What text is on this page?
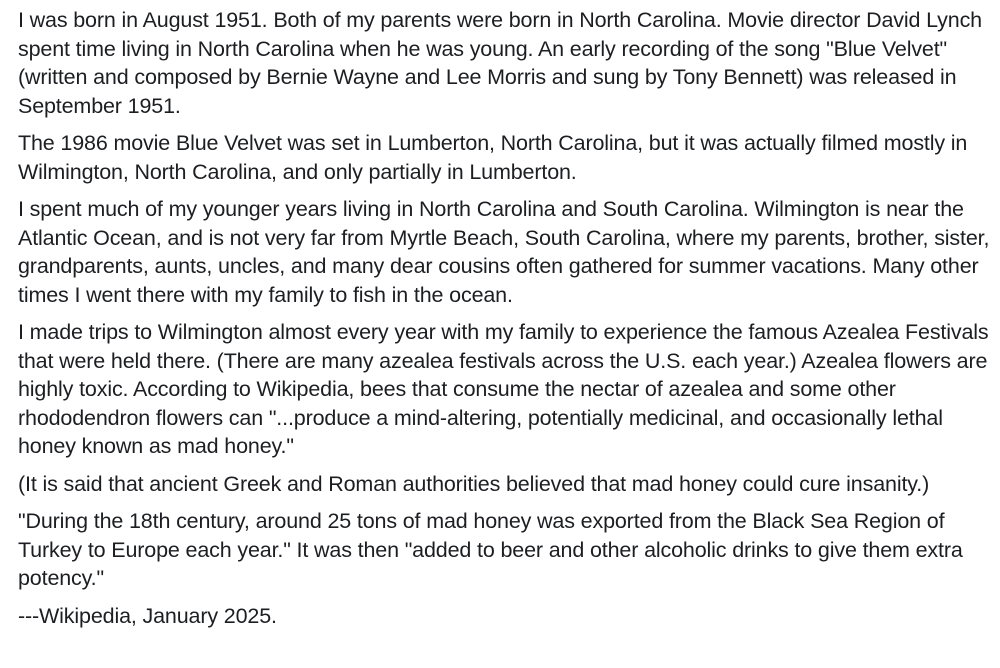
I was born in August 1951. Both of my parents were born in North Carolina. Movie director David Lynch spent time living in North Carolina when he was young. An early recording of the song "Blue Velvet" (written and composed by Bernie Wayne and Lee Morris and sung by Tony Bennett) was released in September 1951.

The 1986 movie Blue Velvet was set in Lumberton, North Carolina, but it was actually filmed mostly in Wilmington, North Carolina, and only partially in Lumberton.

I spent much of my younger years living in North Carolina and South Carolina. Wilmington is near the Atlantic Ocean, and is not very far from Myrtle Beach, South Carolina, where my parents, brother, sister, grandparents, aunts, uncles, and many dear cousins often gathered for summer vacations. Many other times I went there with my family to fish in the ocean.

I made trips to Wilmington almost every year with my family to experience the famous Azealea Festivals that were held there. (There are many azealea festivals across the U.S. each year.) Azealea flowers are highly toxic. According to Wikipedia, bees that consume the nectar of azealea and some other rhododendron flowers can "...produce a mind-altering, potentially medicinal, and occasionally lethal honey known as mad honey."

(It is said that ancient Greek and Roman authorities believed that mad honey could cure insanity.)

"During the 18th century, around 25 tons of mad honey was exported from the Black Sea Region of Turkey to Europe each year." It was then "added to beer and other alcoholic drinks to give them extra potency."

---Wikipedia, January 2025.
